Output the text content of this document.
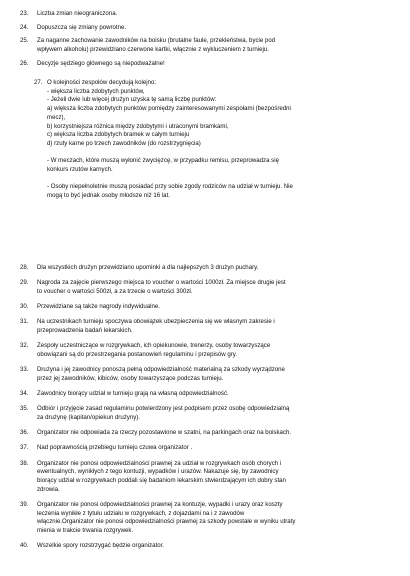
23.	Liczba zmian nieograniczona.
24.	Dopuszcza się zmiany powrotne.
25.	Za naganne zachowanie zawodników na boisku (brutalne faule, przekleństwa, bycie pod
wpływem alkoholu) przewidziano czerwone kartki, włącznie z wykluczeniem z turnieju.
26.	Decyzje sędziego głównego są niepodważalne!
27. O kolejności zespołów decydują kolejno:
- większa liczba zdobytych punktów,
- Jeżeli dwie lub więcej drużyn uzyska tę samą liczbę punktów:
a) większa liczba zdobytych punktów pomiędzy zainteresowanymi zespołami (bezpośredni
mecz),
b) korzystniejsza różnica między zdobytymi i utraconymi bramkami,
c) większa liczba zdobytych bramek w całym turnieju
d) rzuty karne po trzech zawodników (do rozstrzygnięcia)
- W meczach, które muszą wyłonić zwycięzcę, w przypadku remisu, przeprowadza się
konkurs rzutów karnych.
- Osoby niepełnoletnie muszą posiadać przy sobie zgody rodziców na udział w turnieju. Nie
mogą to być jednak osoby młodsze niż 16 lat.
28.	Dla wszystkich drużyn przewidziano upominki a dla najlepszych 3 drużyn puchary.
29.	Nagroda za zajęcie pierwszego miejsca to voucher o wartości 1000zł. Za miejsce drugie jest
to voucher o wartości 500zł, a za trzecie o wartości 300zł.
30.	Przewidziane są także nagrody indywidualne.
31.	Na uczestnikach turnieju spoczywa obowiązek ubezpieczenia się we własnym zakresie i
przeprowadzenia badań lekarskich.
32.	Zespoły uczestniczące w rozgrywkach, ich opiekunowie, trenerzy, osoby towarzyszące
obowiązani są do przestrzegania postanowień regulaminu i przepisów gry.
33.	Drużyna i jej zawodnicy ponoszą pełną odpowiedzialność materialną za szkody wyrządzone
przez jej zawodników, kibiców, osoby towarzyszące podczas turnieju.
34.	Zawodnicy biorący udział w turnieju grają na własną odpowiedzialność.
35.	Odbiór i przyjęcie zasad regulaminu potwierdzony jest podpisem przez osobę odpowiedzialną
za drużynę (kapitan/opiekun drużyny).
36.	Organizator nie odpowiada za rzeczy pozostawione w szatni, na parkingach oraz na boiskach.
37.	Nad poprawnością przebiegu turnieju czuwa organizator .
38.	Organizator nie ponosi odpowiedzialności prawnej za udział w rozgrywkach osób chorych i
ewentualnych, wynikłych z tego kontuzji, wypadków i urazów. Nakazuje się, by zawodnicy
biorący udział w rozgrywkach poddali się badaniom lekarskim stwierdzającym ich dobry stan
zdrowia.
39.	Organizator nie ponosi odpowiedzialności prawnej za kontuzje, wypadki i urazy oraz koszty
leczenia wynikłe z tytułu udziału w rozgrywkach, z dojazdami na i z zawodów
włącznie.Organizator nie ponosi odpowiedzialności prawnej za szkody powstałe w wyniku utraty
mienia w trakcie trwania rozgrywek.
40.	Wszelkie spory rozstrzygać będzie organizator.
